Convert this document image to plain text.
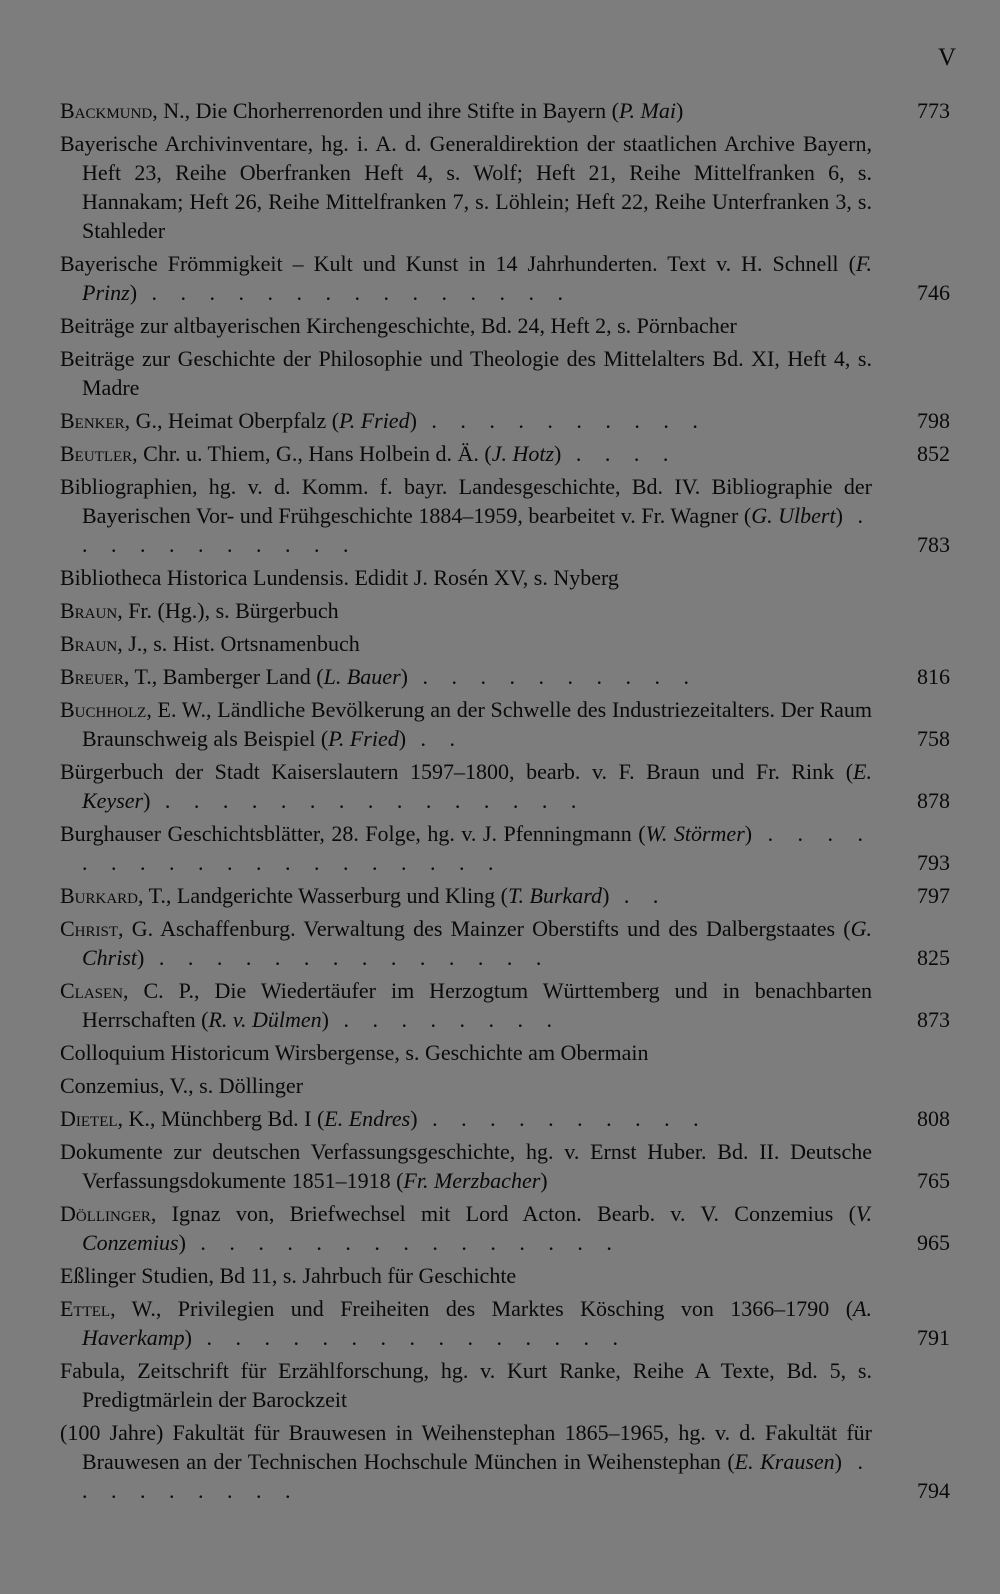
V
Backmund, N., Die Chorherrenorden und ihre Stifte in Bayern (P. Mai)	773
Bayerische Archivinventare, hg. i. A. d. Generaldirektion der staatlichen Archive Bayern, Heft 23, Reihe Oberfranken Heft 4, s. Wolf; Heft 21, Reihe Mittelfranken 6, s. Hannakam; Heft 26, Reihe Mittelfranken 7, s. Löhlein; Heft 22, Reihe Unterfranken 3, s. Stahleder
Bayerische Frömmigkeit – Kult und Kunst in 14 Jahrhunderten. Text v. H. Schnell (F. Prinz) . . . . . . . . . . . . . . .	746
Beiträge zur altbayerischen Kirchengeschichte, Bd. 24, Heft 2, s. Pörnbacher
Beiträge zur Geschichte der Philosophie und Theologie des Mittelalters Bd. XI, Heft 4, s. Madre
Benker, G., Heimat Oberpfalz (P. Fried) . . . . . . . . . .	798
Beutler, Chr. u. Thiem, G., Hans Holbein d. Ä. (J. Hotz) . . . .	852
Bibliographien, hg. v. d. Komm. f. bayr. Landesgeschichte, Bd. IV. Bibliographie der Bayerischen Vor- und Frühgeschichte 1884–1959, bearbeitet v. Fr. Wagner (G. Ulbert) . . . . . . . . . . .	783
Bibliotheca Historica Lundensis. Edidit J. Rosén XV, s. Nyberg
Braun, Fr. (Hg.), s. Bürgerbuch
Braun, J., s. Hist. Ortsnamenbuch
Breuer, T., Bamberger Land (L. Bauer) . . . . . . . . . .	816
Buchholz, E. W., Ländliche Bevölkerung an der Schwelle des Industriezeitalters. Der Raum Braunschweig als Beispiel (P. Fried) . .	758
Bürgerbuch der Stadt Kaiserslautern 1597–1800, bearb. v. F. Braun und Fr. Rink (E. Keyser) . . . . . . . . . . . . . . .	878
Burghauser Geschichtsblätter, 28. Folge, hg. v. J. Pfenningmann (W. Störmer) . . . . . . . . . . . . . . . . . . .	793
Burkard, T., Landgerichte Wasserburg und Kling (T. Burkard) . .	797
Christ, G. Aschaffenburg. Verwaltung des Mainzer Oberstifts und des Dalbergstaates (G. Christ) . . . . . . . . . . . . . .	825
Clasen, C. P., Die Wiedertäufer im Herzogtum Württemberg und in benachbarten Herrschaften (R. v. Dülmen) . . . . . . . .	873
Colloquium Historicum Wirsbergense, s. Geschichte am Obermain
Conzemius, V., s. Döllinger
Dietel, K., Münchberg Bd. I (E. Endres) . . . . . . . . . .	808
Dokumente zur deutschen Verfassungsgeschichte, hg. v. Ernst Huber. Bd. II. Deutsche Verfassungsdokumente 1851–1918 (Fr. Merzbacher)	765
Döllinger, Ignaz von, Briefwechsel mit Lord Acton. Bearb. v. V. Conzemius (V. Conzemius) . . . . . . . . . . . . . . .	965
Eßlinger Studien, Bd 11, s. Jahrbuch für Geschichte
Ettel, W., Privilegien und Freiheiten des Marktes Kösching von 1366–1790 (A. Haverkamp) . . . . . . . . . . . . . . .	791
Fabula, Zeitschrift für Erzählforschung, hg. v. Kurt Ranke, Reihe A Texte, Bd. 5, s. Predigtmärlein der Barockzeit
(100 Jahre) Fakultät für Brauwesen in Weihenstephan 1865–1965, hg. v. d. Fakultät für Brauwesen an der Technischen Hochschule München in Weihenstephan (E. Krausen) . . . . . . . . .	794
